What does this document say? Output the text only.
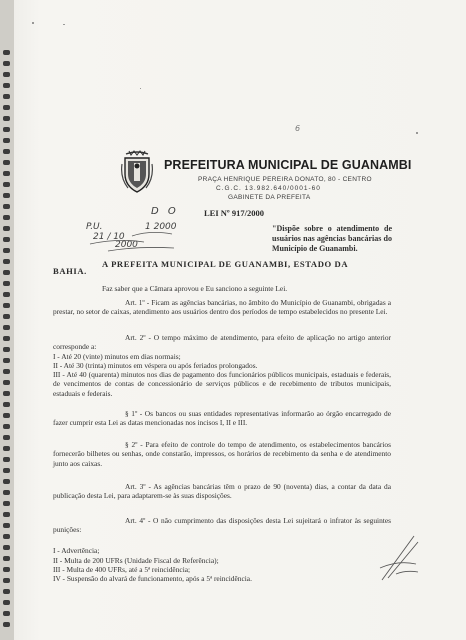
6
PREFEITURA MUNICIPAL DE GUANAMBI
PRAÇA HENRIQUE PEREIRA DONATO, 80 - CENTRO
C.G.C. 13.982.640/0001-60
GABINETE DA PREFEITA
D O
P.U.
21 / 10
1 2000
2000
LEI Nº 917/2000
"Dispõe sobre o atendimento de usuários nas agências bancárias do Município de Guanambi.
A PREFEITA MUNICIPAL DE GUANAMBI, ESTADO DA
BAHIA.
Faz saber que a Câmara aprovou e Eu sanciono a seguinte Lei.
Art. 1º - Ficam as agências bancárias, no âmbito do Município de Guanambi, obrigadas a prestar, no setor de caixas, atendimento aos usuários dentro dos períodos de tempo estabelecidos no presente Lei.
Art. 2º - O tempo máximo de atendimento, para efeito de aplicação no artigo anterior corresponde a:
I - Até 20 (vinte) minutos em dias normais;
II - Até 30 (trinta) minutos em véspera ou após feriados prolongados.
III - Até 40 (quarenta) minutos nos dias de pagamento dos funcionários públicos municipais, estaduais e federais, de vencimentos de contas de concessionário de serviços públicos e de recebimento de tributos municipais, estaduais e federais.
§ 1º - Os bancos ou suas entidades representativas informarão ao órgão encarregado de fazer cumprir esta Lei as datas mencionadas nos incisos I, II e III.
§ 2º - Para efeito de controle do tempo de atendimento, os estabelecimentos bancários fornecerão bilhetes ou senhas, onde constarão, impressos, os horários de recebimento da senha e de atendimento junto aos caixas.
Art. 3º - As agências bancárias têm o prazo de 90 (noventa) dias, a contar da data da publicação desta Lei, para adaptarem-se às suas disposições.
Art. 4º - O não cumprimento das disposições desta Lei sujeitará o infrator às seguintes punições:
I - Advertência;
II - Multa de 200 UFRs (Unidade Fiscal de Referência);
III - Multa de 400 UFRs, até a 5ª reincidência;
IV - Suspensão do alvará de funcionamento, após a 5ª reincidência.
